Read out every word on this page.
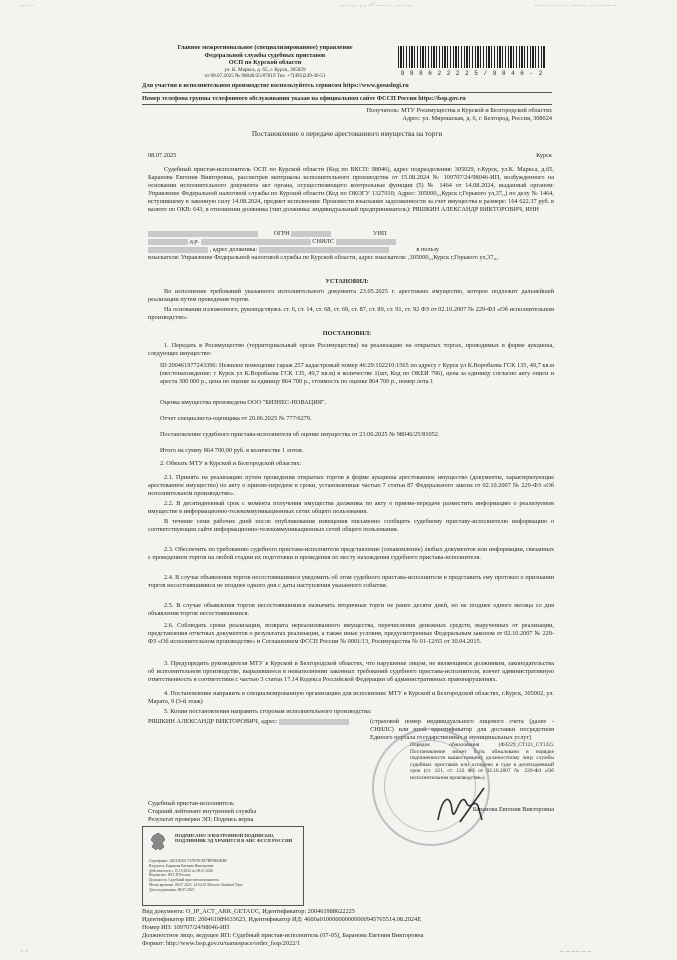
......	.....,..,...//....... .......	............. ....... ...........
Главное межрегиональное (специализированное) управление
Федеральной службы судебных приставов
ОСП по Курской области
ул. К. Маркса, д. 65, г. Курск, 305029
от 08.07.2025 № 98046/25/87819 Тел. +7(495)249-30-51	9 8 8 6 2 2 2 2 5 / 9 8 4 6 - 2
Для участия в исполнительном производстве воспользуйтесь сервисом https://www.gosuslugi.ru
Номер телефона группы телефонного обслуживания указан на официальном сайте ФССП России https://fssp.gov.ru
Получатель: МТУ Росимущества в Курской и Белгородской областях
Адрес: ул. Мирошская, д. 6, г. Белгород, Россия, 308024
Постановление о передаче арестованного имущества на торги
08.07.2025	Курск
Судебный пристав-исполнитель ОСП по Курской области (Код по ВКСП: 98046), адрес подразделения: 305029, г.Курск, ул.К. Маркса, д.65, Баранова Евгения Викторовна, рассмотрев материалы исполнительного производства от 15.08.2024 № 109707/24/98046-ИП, возбужденного на основании исполнительного документа акт органа, осуществляющего контрольные функции (5) № 1464 от 14.08.2024, выданный органом: Управление Федеральной налоговой службы по Курской области (Код по ОКОГУ 1327010; Адрес: 305000,,,Курск г,Горького ул,37,,) по делу № 1464, вступившему в законную силу 14.08.2024, предмет исполнения: Произвести взыскание задолженности за счет имущества в размере: 164 622.37 руб. в валюте по ОКВ: 643, в отношении должника (тип должника: индивидуальный предприниматель): РЯШКИН АЛЕКСАНДР ВИКТОРОВИЧ, ИНН
ОГРН	УИП
д.р.	СНИЛС
, адрес должника:	в пользу
взыскателя: Управление Федеральной налоговой службы по Курской области, адрес взыскателя: ,305000,,,Курск г,Горького ул,37,,,
УСТАНОВИЛ:
Во исполнение требований указанного исполнительного документа 23.05.2025 г. арестовано имущество, которое подлежит дальнейшей реализации путем проведения торгов.
На основании изложенного, руководствуясь ст. 6, ст. 14, ст. 68, ст. 69, ст. 87, ст. 89, ст. 91, ст. 92 ФЗ от 02.10.2007 № 229-ФЗ «Об исполнительном производстве»
ПОСТАНОВИЛ:
1. Передать в Росимущество (территориальный орган Росимущества) на реализацию на открытых торгах, проводимых в форме аукциона, следующее имущество:
ID 200461977243396: Нежилое помещение гараж 257 кадастровый номер 46:29:102210:1565 по адресу г Курск ул К.Воробьева ГСК 135, 49,7 кв.м (местонахождение: г Курск ул К.Воробьева ГСК 135, 49,7 кв.м) в количестве 1(шт, Код по ОКЕИ 796), цена за единицу согласно акту описи и ареста 300 000 р., цена по оценке за единицу 864 700 р., стоимость по оценке 864 700 р., номер лота 1
Оценка имущества произведена ООО "БИЗНЕС-НОВАЦИЯ".
Отчет специалиста-оценщика от 20.06.2025 № 777/6279.
Постановление судебного пристава-исполнителя об оценке имущества от 23.06.2025 № 98046/25/81052.
Итого на сумму 864 700,00 руб. в количестве 1 лотов.
2. Обязать МТУ в Курской и Белгородской областях:
2.1. Принять на реализацию путем проведения открытых торгов в форме аукциона арестованное имущество (документы, характеризующие арестованное имущество) по акту о приеме-передаче в сроки, установленные частью 7 статьи 87 Федерального закона от 02.10.2007 № 229-ФЗ «Об исполнительном производстве».
2.2. В десятидневный срок с момента получения имущества должника по акту о приеме-передаче разместить информацию о реализуемом имуществе в информационно-телекоммуникационных сетях общего пользования.
В течение семи рабочих дней после опубликования извещения письменно сообщить судебному приставу-исполнителю информацию о соответствующем сайте информационно-телекоммуникационных сетей общего пользования.
2.3. Обеспечить по требованию судебного пристава-исполнителя представление (ознакомление) любых документов или информации, связанных с проведением торгов на любой стадии их подготовки и проведения по месту нахождения судебного пристава-исполнителя.
2.4. В случае объявления торгов несостоявшимися уведомить об этом судебного пристава-исполнителя и представить ему протокол о признании торгов несостоявшимися не позднее одного дня с даты наступления указанного события.
2.5. В случае объявления торгов несостоявшимися назначить вторичные торги не ранее десяти дней, но не позднее одного месяца со дня объявления торгов несостоявшимися.
2.6. Соблюдать сроки реализации, возврата нереализованного имущества, перечисления денежных средств, вырученных от реализации, представления отчетных документов о результатах реализации, а также иные условия, предусмотренные Федеральным законом от 02.10.2007 № 229-ФЗ «Об исполнительном производстве» и Соглашением ФССП России № 0001/13, Росимущества № 01-12/65 от 30.04.2015.
3. Предупредить руководителя МТУ в Курской и Белгородской областях, что нарушение лицом, не являющимся должником, законодательства об исполнительном производстве, выразившееся в невыполнении законных требований судебного пристава-исполнителя, влечет административную ответственность в соответствии с частью 3 статьи 17.14 Кодекса Российской Федерации об административных правонарушениях.
4. Постановление направить в специализированную организацию для исполнения: МТУ в Курской и Белгородской областях, г.Курск, 305002, ул. Марата, 9 (3-й этаж)
5. Копии постановления направить сторонам исполнительного производства:
РЯШКИН АЛЕКСАНДР ВИКТОРОВИЧ, адрес:	(страховой номер индивидуального лицевого счета (далее - СНИЛС) или иной идентификатор для доставки посредством Единого портала государственных и муниципальных услуг)
Порядок обжалования (ФЗ229_СТ121_СТ122). Постановление может быть обжаловано в порядке подчиненности вышестоящему должностному лицу службы судебных приставов или оспорено в суде в десятидневный срок (ст. 121, ст. 122 ФЗ от 02.10.2007 № 229-ФЗ «Об исполнительном производстве»).
Судебный пристав-исполнитель
Старший лейтенант внутренней службы
Результат проверки ЭП: Подпись верна
Баранова Евгения Викторовна
ПОДПИСАНО ЭЛЕКТРОННОЙ ПОДПИСЬЮ, ПОДЛИННИК ЭД ХРАНИТСЯ В АИС ФССП РОССИИ
Сертификат: 02032E0017A7B79C8E7BF0B84BB0
Владелец: Баранова Евгения Викторовна
Действителен с 15.10.2024 по 08.01.2026
Ведомство: ФССП России
Должность: Судебный пристав-исполнитель
Метка времени: 08.07.2025, 14:54:25 Moscow Standard Time
Дата подписания: 08.07.2025
Вид документа: O_IP_ACT_ARR_GETAUC, Идентификатор: 200461988622225
Идентификатор ИП: 200461989633623, Идентификатор ИД: 4600a010000000000000945765514.08.2024E
Номер ИП: 109707/24/98046-ИП
Должностное лицо, ведущее ИП: Судебный пристав-исполнитель (07-05), Баранова Евгения Викторовна
Формат: http://www.fssp.gov.ru/namespace/order_fssp/2022/1
~ ~	-- -- ---- -- --
